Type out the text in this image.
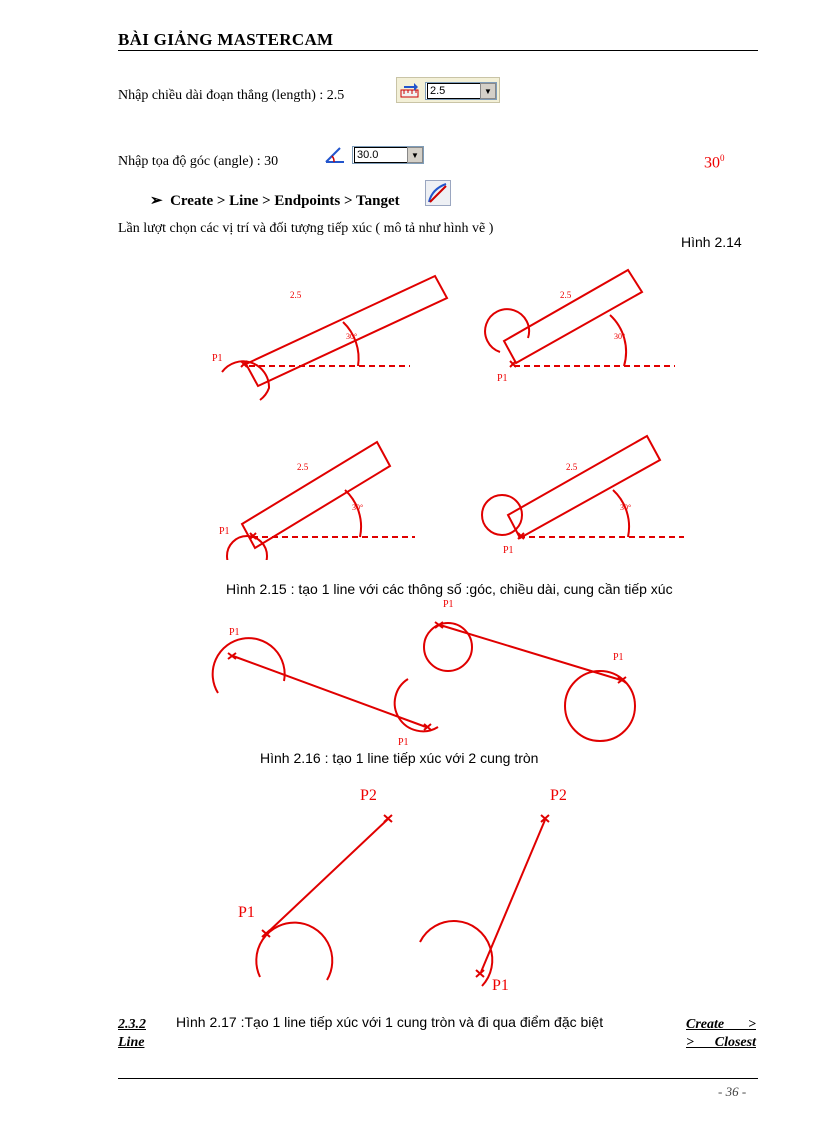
BÀI GIẢNG MASTERCAM
Nhập chiều dài đoạn thẳng (length) : 2.5	2.5	▼
Nhập tọa độ góc (angle) : 30	30.0	▼	$30^0$
➢ Create > Line > Endpoints > Tanget
Lần lượt chọn các vị trí và đối tượng tiếp xúc ( mô tả như hình vẽ )
Hình 2.14
2.5	2.5
2.5	2.5
30°	30°
30°	30°
P1
P1
P1
P1
Hình 2.15 : tạo 1 line với các thông số :góc, chiều dài, cung cần tiếp xúc
P1
P1
P1
P1
Hình 2.16 : tạo 1 line tiếp xúc với 2 cung tròn
P2	P2
P1
P1
2.3.2
Line
Hình 2.17 :Tạo 1 line tiếp xúc với 1 cung tròn và đi qua điểm đặc biệt	Create >
> Closest
- 36 -
